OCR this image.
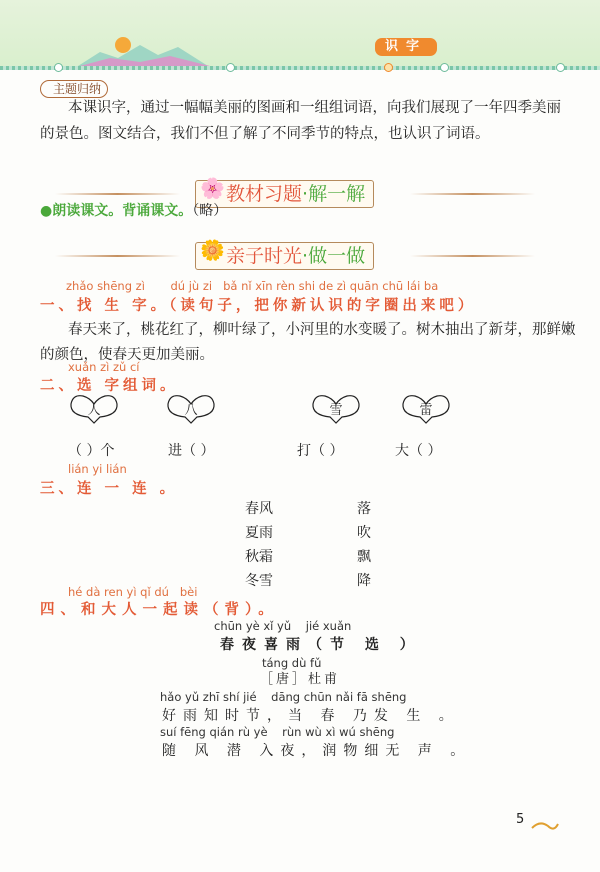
识字
主题归纳
本课识字，通过一幅幅美丽的图画和一组组词语，向我们展现了一年四季美丽
的景色。图文结合，我们不但了解了不同季节的特点，也认识了词语。
🌸 教材习题·解一解
●朗读课文。背诵课文。（略）
🌼 亲子时光·做一做
zhǎo shēng zì       dú jù zi   bǎ nǐ xīn rèn shi de zì quān chū lái ba
一、找 生 字。（读句子，把你新认识的字圈出来吧）
春天来了，桃花红了，柳叶绿了，小河里的水变暖了。树木抽出了新芽，那鲜嫩
的颜色，使春天更加美丽。
xuǎn zì zǔ cí
二、选 字组词。
人	八	雪	雷
（ ）个	进（ ）	打（ ）	大（ ）
lián yi lián
三、连 一 连 。
春风	落
夏雨	吹
秋霜	飘
冬雪	降
hé dà ren yì qǐ dú   bèi
四、和大人一起读（背）。
chūn yè xǐ yǔ    jié xuǎn
春夜喜雨（节 选 ）
táng dù fǔ
［唐］杜甫
hǎo yǔ zhī shí jié    dāng chūn nǎi fā shēng
好雨知时节，当 春 乃发 生 。
suí fēng qián rù yè    rùn wù xì wú shēng
随 风 潜 入夜，润物细无 声 。
5
